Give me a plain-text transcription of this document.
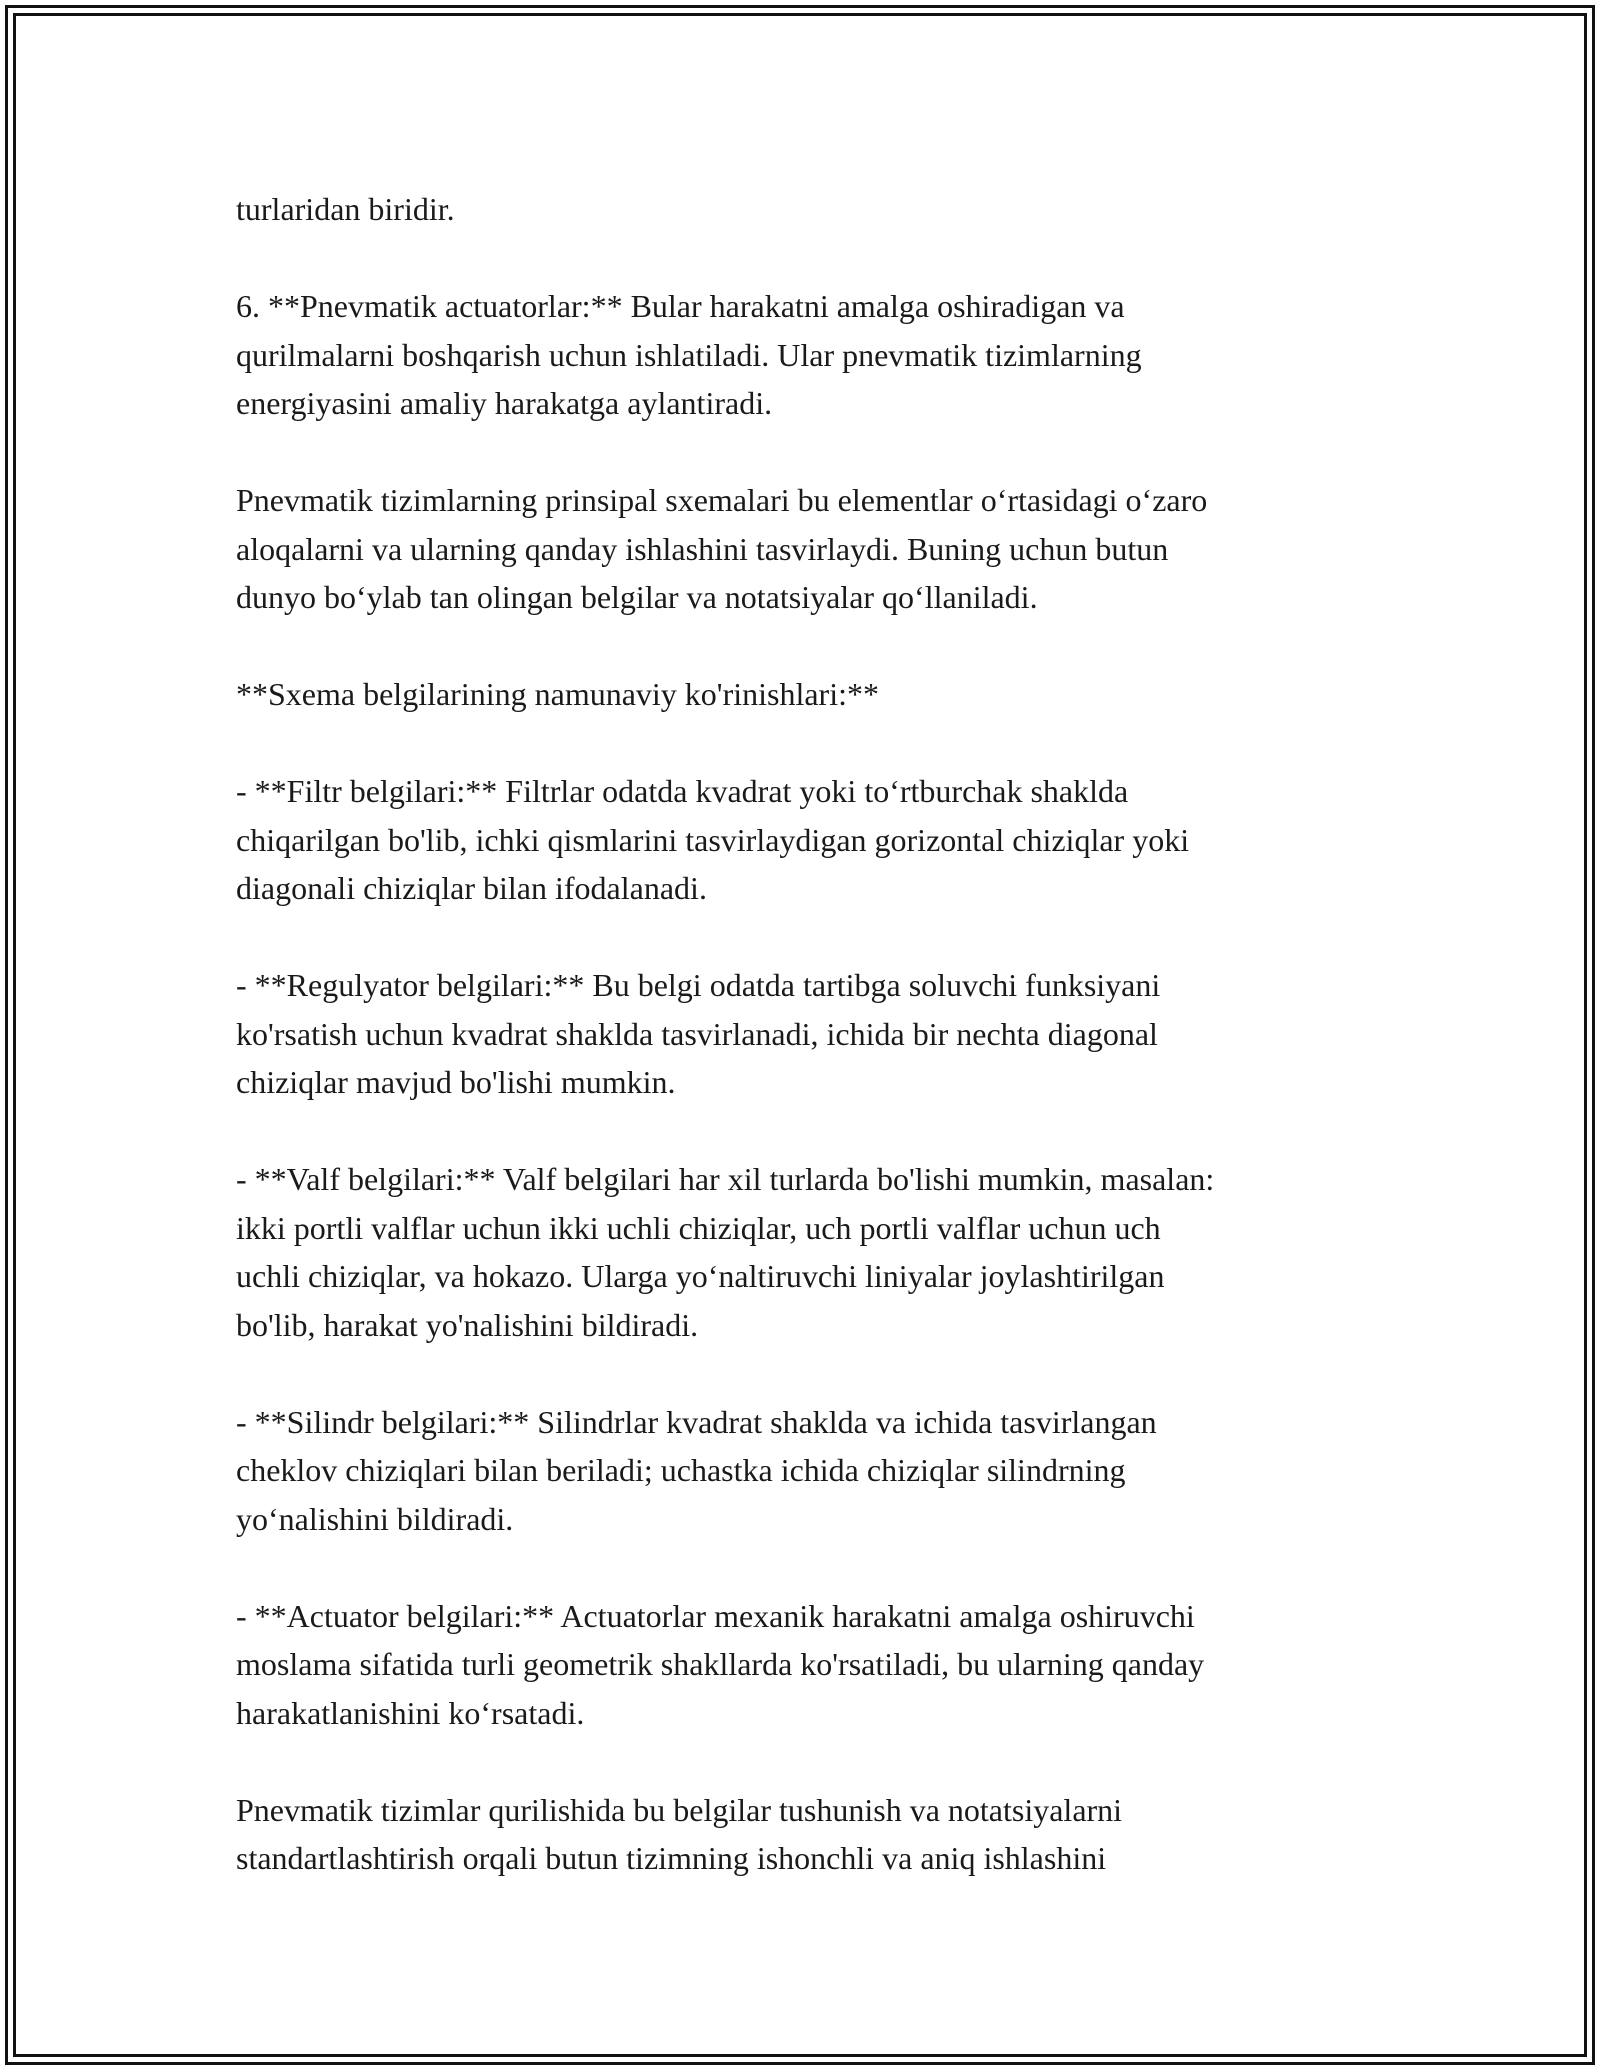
turlaridan biridir.

6. **Pnevmatik actuatorlar:** Bular harakatni amalga oshiradigan va
qurilmalarni boshqarish uchun ishlatiladi. Ular pnevmatik tizimlarning
energiyasini amaliy harakatga aylantiradi.

Pnevmatik tizimlarning prinsipal sxemalari bu elementlar o‘rtasidagi o‘zaro
aloqalarni va ularning qanday ishlashini tasvirlaydi. Buning uchun butun
dunyo bo‘ylab tan olingan belgilar va notatsiyalar qo‘llaniladi.

**Sxema belgilarining namunaviy ko'rinishlari:**

- **Filtr belgilari:** Filtrlar odatda kvadrat yoki to‘rtburchak shaklda
chiqarilgan bo'lib, ichki qismlarini tasvirlaydigan gorizontal chiziqlar yoki
diagonali chiziqlar bilan ifodalanadi.

- **Regulyator belgilari:** Bu belgi odatda tartibga soluvchi funksiyani
ko'rsatish uchun kvadrat shaklda tasvirlanadi, ichida bir nechta diagonal
chiziqlar mavjud bo'lishi mumkin.

- **Valf belgilari:** Valf belgilari har xil turlarda bo'lishi mumkin, masalan:
ikki portli valflar uchun ikki uchli chiziqlar, uch portli valflar uchun uch
uchli chiziqlar, va hokazo. Ularga yo‘naltiruvchi liniyalar joylashtirilgan
bo'lib, harakat yo'nalishini bildiradi.

- **Silindr belgilari:** Silindrlar kvadrat shaklda va ichida tasvirlangan
cheklov chiziqlari bilan beriladi; uchastka ichida chiziqlar silindrning
yo‘nalishini bildiradi.

- **Actuator belgilari:** Actuatorlar mexanik harakatni amalga oshiruvchi
moslama sifatida turli geometrik shakllarda ko'rsatiladi, bu ularning qanday
harakatlanishini ko‘rsatadi.

Pnevmatik tizimlar qurilishida bu belgilar tushunish va notatsiyalarni
standartlashtirish orqali butun tizimning ishonchli va aniq ishlashini
